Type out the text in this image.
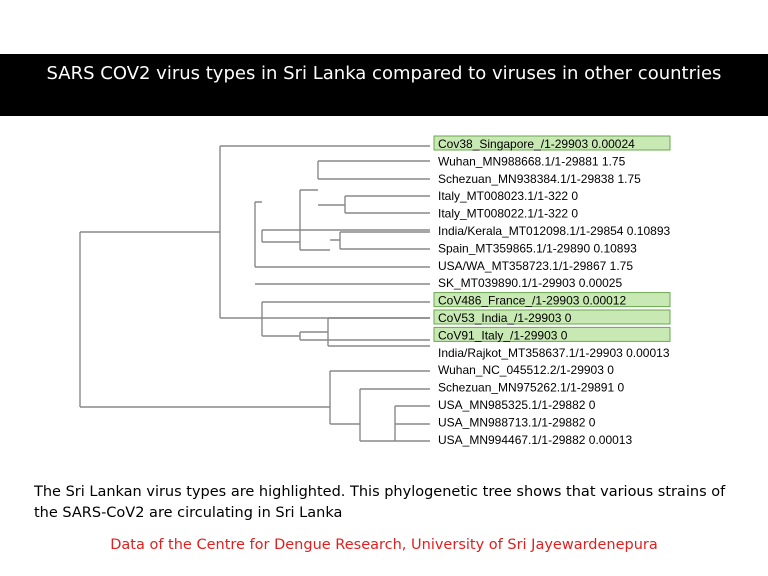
SARS COV2 virus types in Sri Lanka compared to viruses in other countries
Cov38_Singapore_/1-29903 0.00024
Wuhan_MN988668.1/1-29881 1.75
Schezuan_MN938384.1/1-29838 1.75
Italy_MT008023.1/1-322 0
Italy_MT008022.1/1-322 0
India/Kerala_MT012098.1/1-29854 0.10893
Spain_MT359865.1/1-29890 0.10893
USA/WA_MT358723.1/1-29867 1.75
SK_MT039890.1/1-29903 0.00025
CoV486_France_/1-29903 0.00012
CoV53_India_/1-29903 0
CoV91_Italy_/1-29903 0
India/Rajkot_MT358637.1/1-29903 0.00013
Wuhan_NC_045512.2/1-29903 0
Schezuan_MN975262.1/1-29891 0
USA_MN985325.1/1-29882 0
USA_MN988713.1/1-29882 0
USA_MN994467.1/1-29882 0.00013
The Sri Lankan virus types are highlighted. This phylogenetic tree shows that various strains of the SARS-CoV2 are circulating in Sri Lanka
Data of the Centre for Dengue Research, University of Sri Jayewardenepura
